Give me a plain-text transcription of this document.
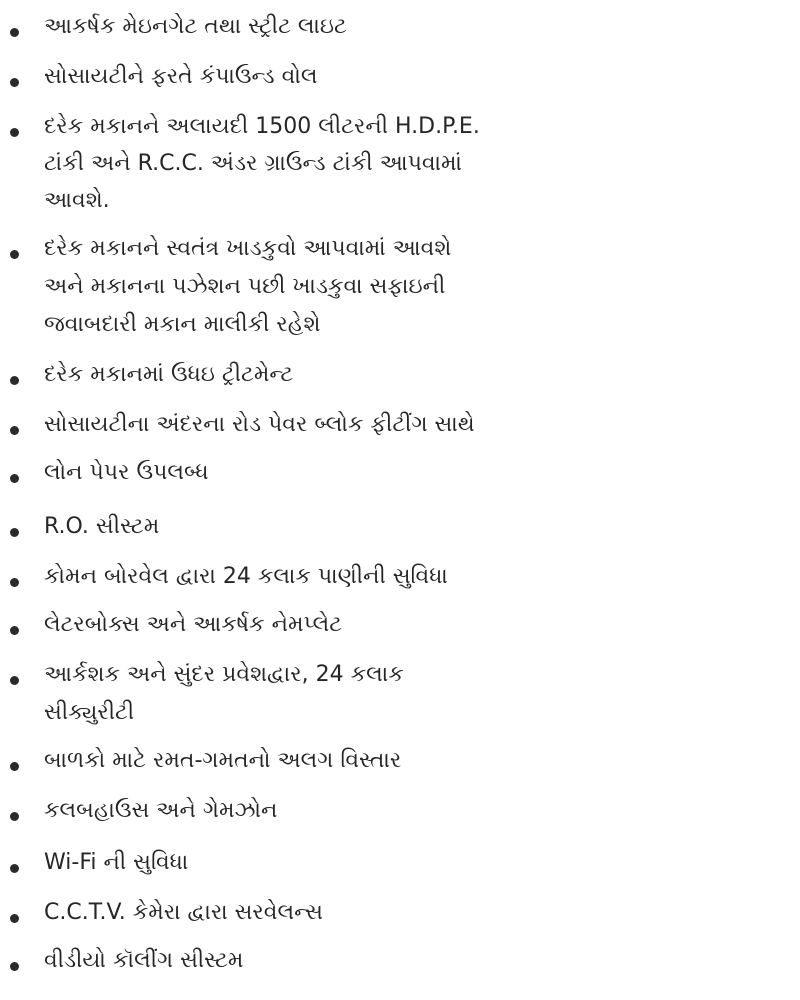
આકર્ષક મેઇનગેટ તથા સ્ટ્રીટ લાઇટ
સોસાયટીને ફરતે કંપાઉન્ડ વોલ
દરેક મકાનને અલાયદી 1500 લીટરની H.D.P.E.
ટાંકી અને R.C.C. અંડર ગ્રાઉન્ડ ટાંકી આપવામાં
આવશે.
દરેક મકાનને સ્વતંત્ર ખાડકુવો આપવામાં આવશે
અને મકાનના પઝેશન પછી ખાડકુવા સફાઇની
જવાબદારી મકાન માલીકી રહેશે
દરેક મકાનમાં ઉધઇ ટ્રીટમેન્ટ
સોસાયટીના અંદરના રોડ પેવર બ્લોક ફીટીંગ સાથે
લોન પેપર ઉપલબ્ધ
R.O. સીસ્ટમ
કોમન બોરવેલ દ્વારા 24 કલાક પાણીની સુવિધા
લેટરબોક્સ અને આકર્ષક નેમપ્લેટ
આર્કશક અને સુંદર પ્રવેશદ્વાર, 24 કલાક
સીક્યુરીટી
બાળકો માટે રમત-ગમતનો અલગ વિસ્તાર
કલબહાઉસ અને ગેમઝોન
Wi-Fi ની સુવિધા
C.C.T.V. કેમેરા દ્વારા સરવેલન્સ
વીડીયો કૉલીંગ સીસ્ટમ
